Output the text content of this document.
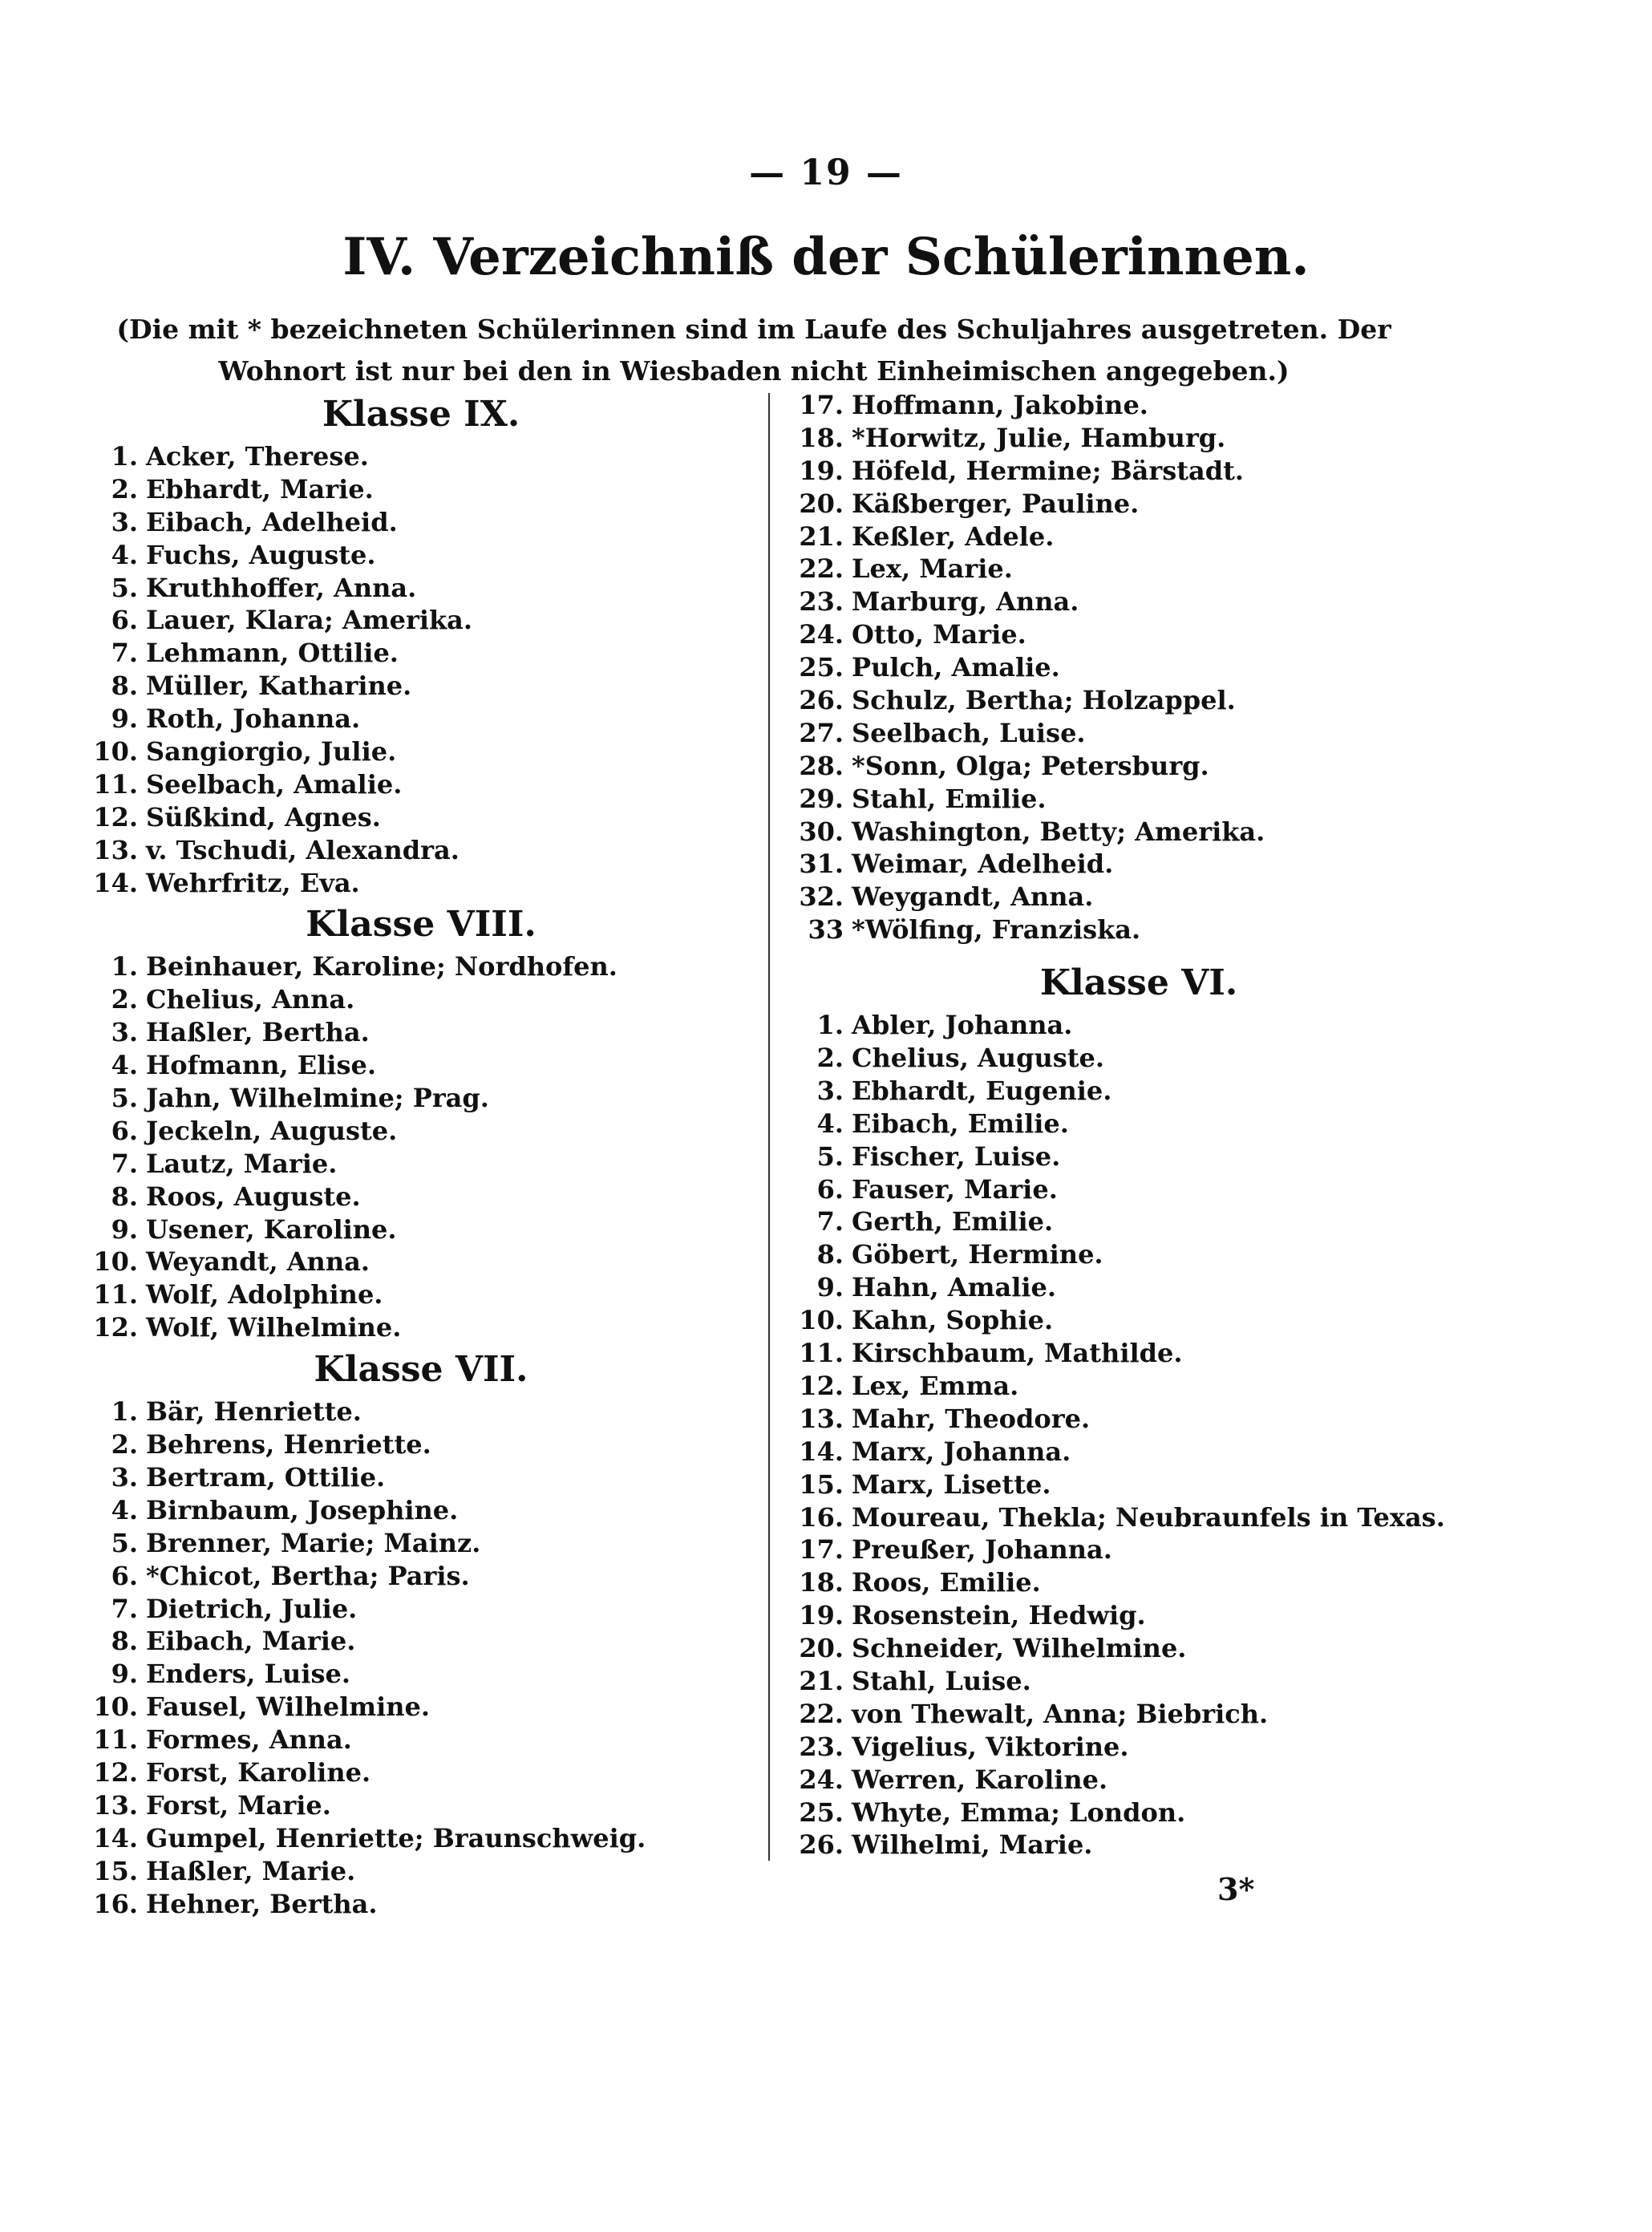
— 19 —
IV. Verzeichniß der Schülerinnen.
(Die mit * bezeichneten Schülerinnen sind im Laufe des Schuljahres ausgetreten. Der Wohnort ist nur bei den in Wiesbaden nicht Einheimischen angegeben.)
Klasse IX.
1. Acker, Therese.
2. Ebhardt, Marie.
3. Eibach, Adelheid.
4. Fuchs, Auguste.
5. Kruthhoffer, Anna.
6. Lauer, Klara; Amerika.
7. Lehmann, Ottilie.
8. Müller, Katharine.
9. Roth, Johanna.
10. Sangiorgio, Julie.
11. Seelbach, Amalie.
12. Süßkind, Agnes.
13. v. Tschudi, Alexandra.
14. Wehrfritz, Eva.
Klasse VIII.
1. Beinhauer, Karoline; Nordhofen.
2. Chelius, Anna.
3. Haßler, Bertha.
4. Hofmann, Elise.
5. Jahn, Wilhelmine; Prag.
6. Jeckeln, Auguste.
7. Lautz, Marie.
8. Roos, Auguste.
9. Usener, Karoline.
10. Weyandt, Anna.
11. Wolf, Adolphine.
12. Wolf, Wilhelmine.
Klasse VII.
1. Bär, Henriette.
2. Behrens, Henriette.
3. Bertram, Ottilie.
4. Birnbaum, Josephine.
5. Brenner, Marie; Mainz.
6. *Chicot, Bertha; Paris.
7. Dietrich, Julie.
8. Eibach, Marie.
9. Enders, Luise.
10. Fausel, Wilhelmine.
11. Formes, Anna.
12. Forst, Karoline.
13. Forst, Marie.
14. Gumpel, Henriette; Braunschweig.
15. Haßler, Marie.
16. Hehner, Bertha.
17. Hoffmann, Jakobine.
18. *Horwitz, Julie, Hamburg.
19. Höfeld, Hermine; Bärstadt.
20. Käßberger, Pauline.
21. Keßler, Adele.
22. Lex, Marie.
23. Marburg, Anna.
24. Otto, Marie.
25. Pulch, Amalie.
26. Schulz, Bertha; Holzappel.
27. Seelbach, Luise.
28. *Sonn, Olga; Petersburg.
29. Stahl, Emilie.
30. Washington, Betty; Amerika.
31. Weimar, Adelheid.
32. Weygandt, Anna.
33 *Wölfing, Franziska.
Klasse VI.
1. Abler, Johanna.
2. Chelius, Auguste.
3. Ebhardt, Eugenie.
4. Eibach, Emilie.
5. Fischer, Luise.
6. Fauser, Marie.
7. Gerth, Emilie.
8. Göbert, Hermine.
9. Hahn, Amalie.
10. Kahn, Sophie.
11. Kirschbaum, Mathilde.
12. Lex, Emma.
13. Mahr, Theodore.
14. Marx, Johanna.
15. Marx, Lisette.
16. Moureau, Thekla; Neubraunfels in Texas.
17. Preußer, Johanna.
18. Roos, Emilie.
19. Rosenstein, Hedwig.
20. Schneider, Wilhelmine.
21. Stahl, Luise.
22. von Thewalt, Anna; Biebrich.
23. Vigelius, Viktorine.
24. Werren, Karoline.
25. Whyte, Emma; London.
26. Wilhelmi, Marie.
3*
